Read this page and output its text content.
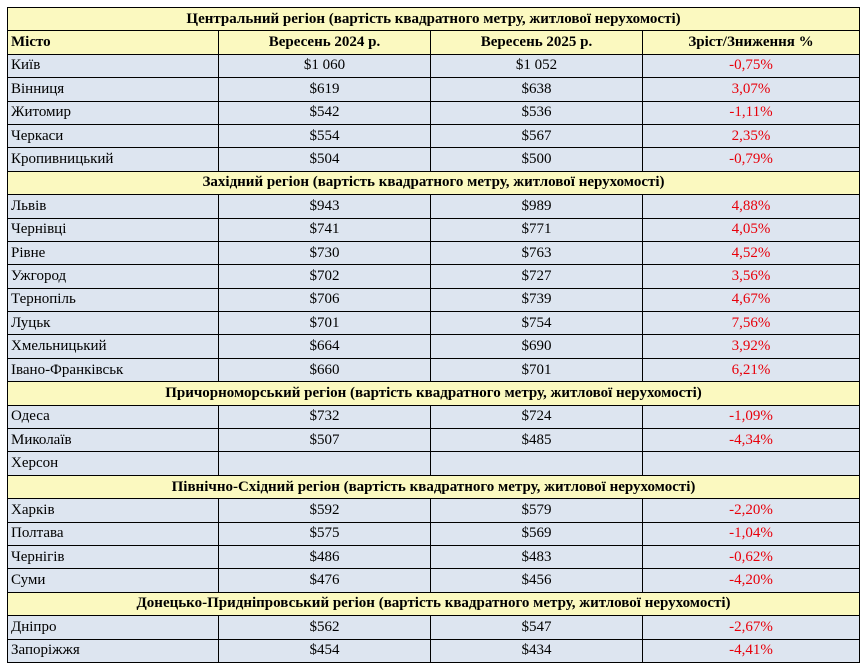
Центральний регіон (вартість квадратного метру, житлової нерухомості)			
Місто	Вересень 2024 р.	Вересень 2025 р.	Зріст/Зниження %
Київ	$1 060	$1 052	-0,75%
Вінниця	$619	$638	3,07%
Житомир	$542	$536	-1,11%
Черкаси	$554	$567	2,35%
Кропивницький	$504	$500	-0,79%
Західний регіон (вартість квадратного метру, житлової нерухомості)			
Львів	$943	$989	4,88%
Чернівці	$741	$771	4,05%
Рівне	$730	$763	4,52%
Ужгород	$702	$727	3,56%
Тернопіль	$706	$739	4,67%
Луцьк	$701	$754	7,56%
Хмельницький	$664	$690	3,92%
Івано-Франківськ	$660	$701	6,21%
Причорноморський регіон (вартість квадратного метру, житлової нерухомості)			
Одеса	$732	$724	-1,09%
Миколаїв	$507	$485	-4,34%
Херсон			
Північно-Східний регіон (вартість квадратного метру, житлової нерухомості)			
Харків	$592	$579	-2,20%
Полтава	$575	$569	-1,04%
Чернігів	$486	$483	-0,62%
Суми	$476	$456	-4,20%
Донецько-Придніпровський регіон (вартість квадратного метру, житлової нерухомості)			
Дніпро	$562	$547	-2,67%
Запоріжжя	$454	$434	-4,41%
